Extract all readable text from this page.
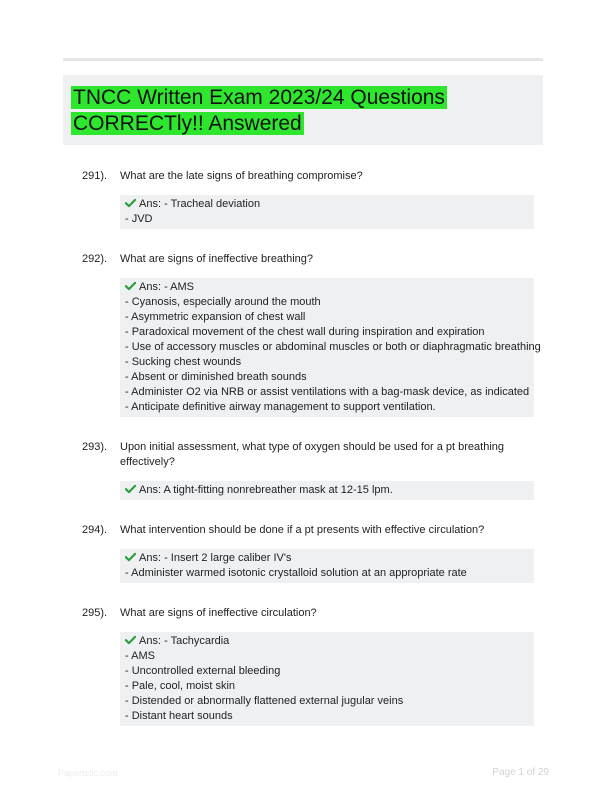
TNCC Written Exam 2023/24 Questions
CORRECTly!! Answered
291). What are the late signs of breathing compromise?
Ans: - Tracheal deviation
- JVD
292). What are signs of ineffective breathing?
Ans: - AMS
- Cyanosis, especially around the mouth
- Asymmetric expansion of chest wall
- Paradoxical movement of the chest wall during inspiration and expiration
- Use of accessory muscles or abdominal muscles or both or diaphragmatic breathing
- Sucking chest wounds
- Absent or diminished breath sounds
- Administer O2 via NRB or assist ventilations with a bag-mask device, as indicated
- Anticipate definitive airway management to support ventilation.
293). Upon initial assessment, what type of oxygen should be used for a pt breathing effectively?
Ans: A tight-fitting nonrebreather mask at 12-15 lpm.
294). What intervention should be done if a pt presents with effective circulation?
Ans: - Insert 2 large caliber IV's
- Administer warmed isotonic crystalloid solution at an appropriate rate
295). What are signs of ineffective circulation?
Ans: - Tachycardia
- AMS
- Uncontrolled external bleeding
- Pale, cool, moist skin
- Distended or abnormally flattened external jugular veins
- Distant heart sounds
Papertstic.com	Page 1 of 29
